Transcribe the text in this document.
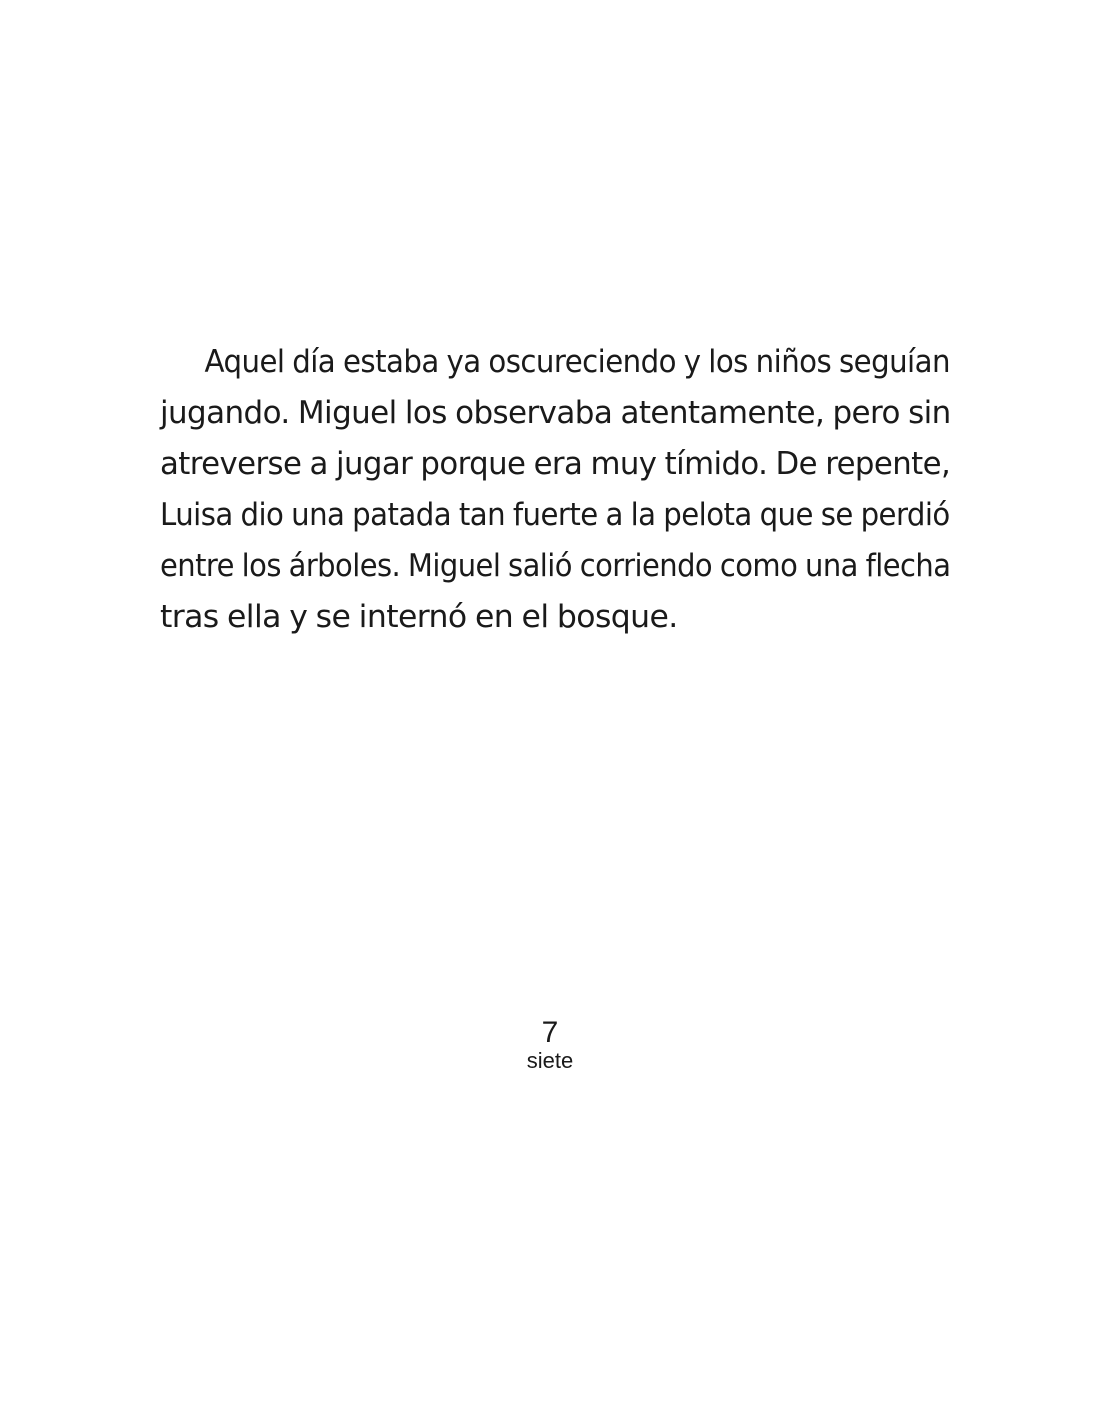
Aquel día estaba ya oscureciendo y los niños seguían
jugando. Miguel los observaba atentamente, pero sin
atreverse a jugar porque era muy tímido. De repente,
Luisa dio una patada tan fuerte a la pelota que se perdió
entre los árboles. Miguel salió corriendo como una flecha
tras ella y se internó en el bosque.

7
siete
